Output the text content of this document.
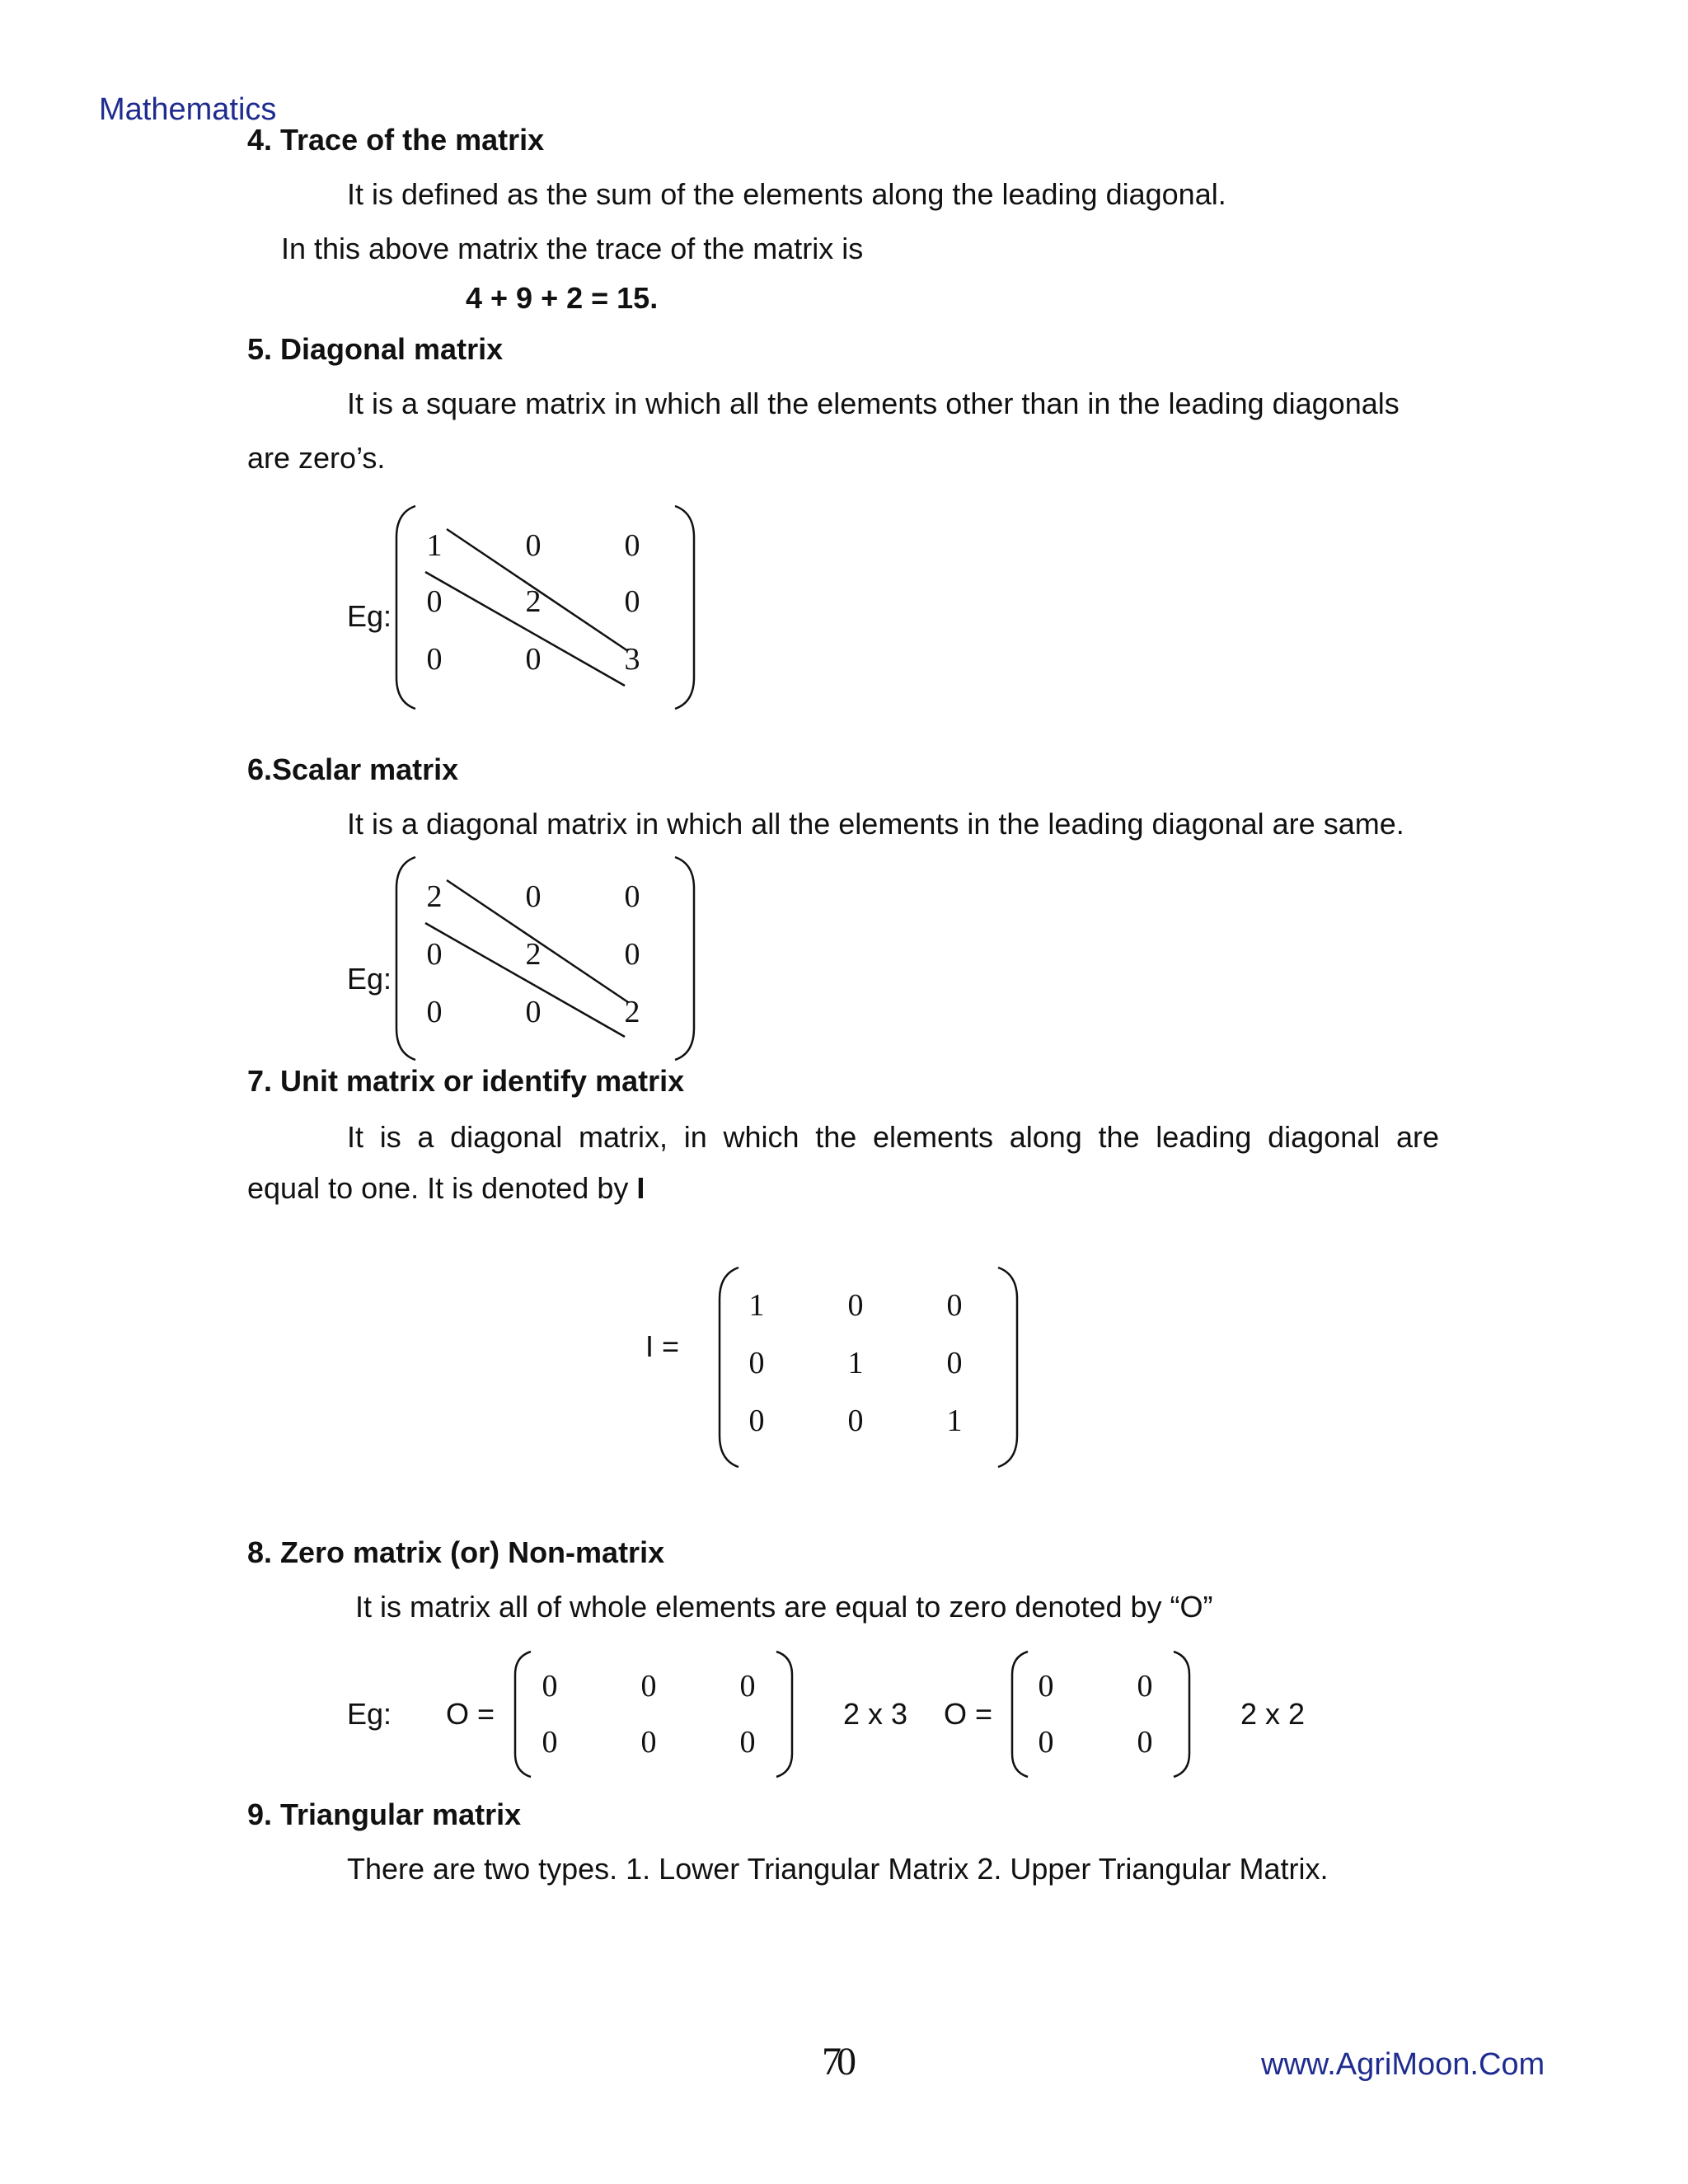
Mathematics
4. Trace of the matrix
It is defined as the sum of the elements along the leading diagonal.
In this above matrix the trace of the matrix is
4 + 9 + 2 = 15.
5. Diagonal matrix
It is a square matrix in which all the elements other than in the leading diagonals
are zero’s.
Eg:
1	0	0
0	2	0
0	0	3
6.Scalar matrix
It is a diagonal matrix in which all the elements in the leading diagonal are same.
Eg:
2	0	0
0	2	0
0	0	2
7. Unit matrix or identify matrix
It is a diagonal matrix, in which the elements along the leading diagonal are
equal to one. It is denoted by I
I =
1	0	0
0	1	0
0	0	1
8. Zero matrix (or) Non-matrix
It is matrix all of whole elements are equal to zero denoted by “O”
Eg: O =
0	0	0
0	0	0
2 x 3 O =
0	0
0	0
2 x 2
9. Triangular matrix
There are two types. 1. Lower Triangular Matrix 2. Upper Triangular Matrix.
70	www.AgriMoon.Com
